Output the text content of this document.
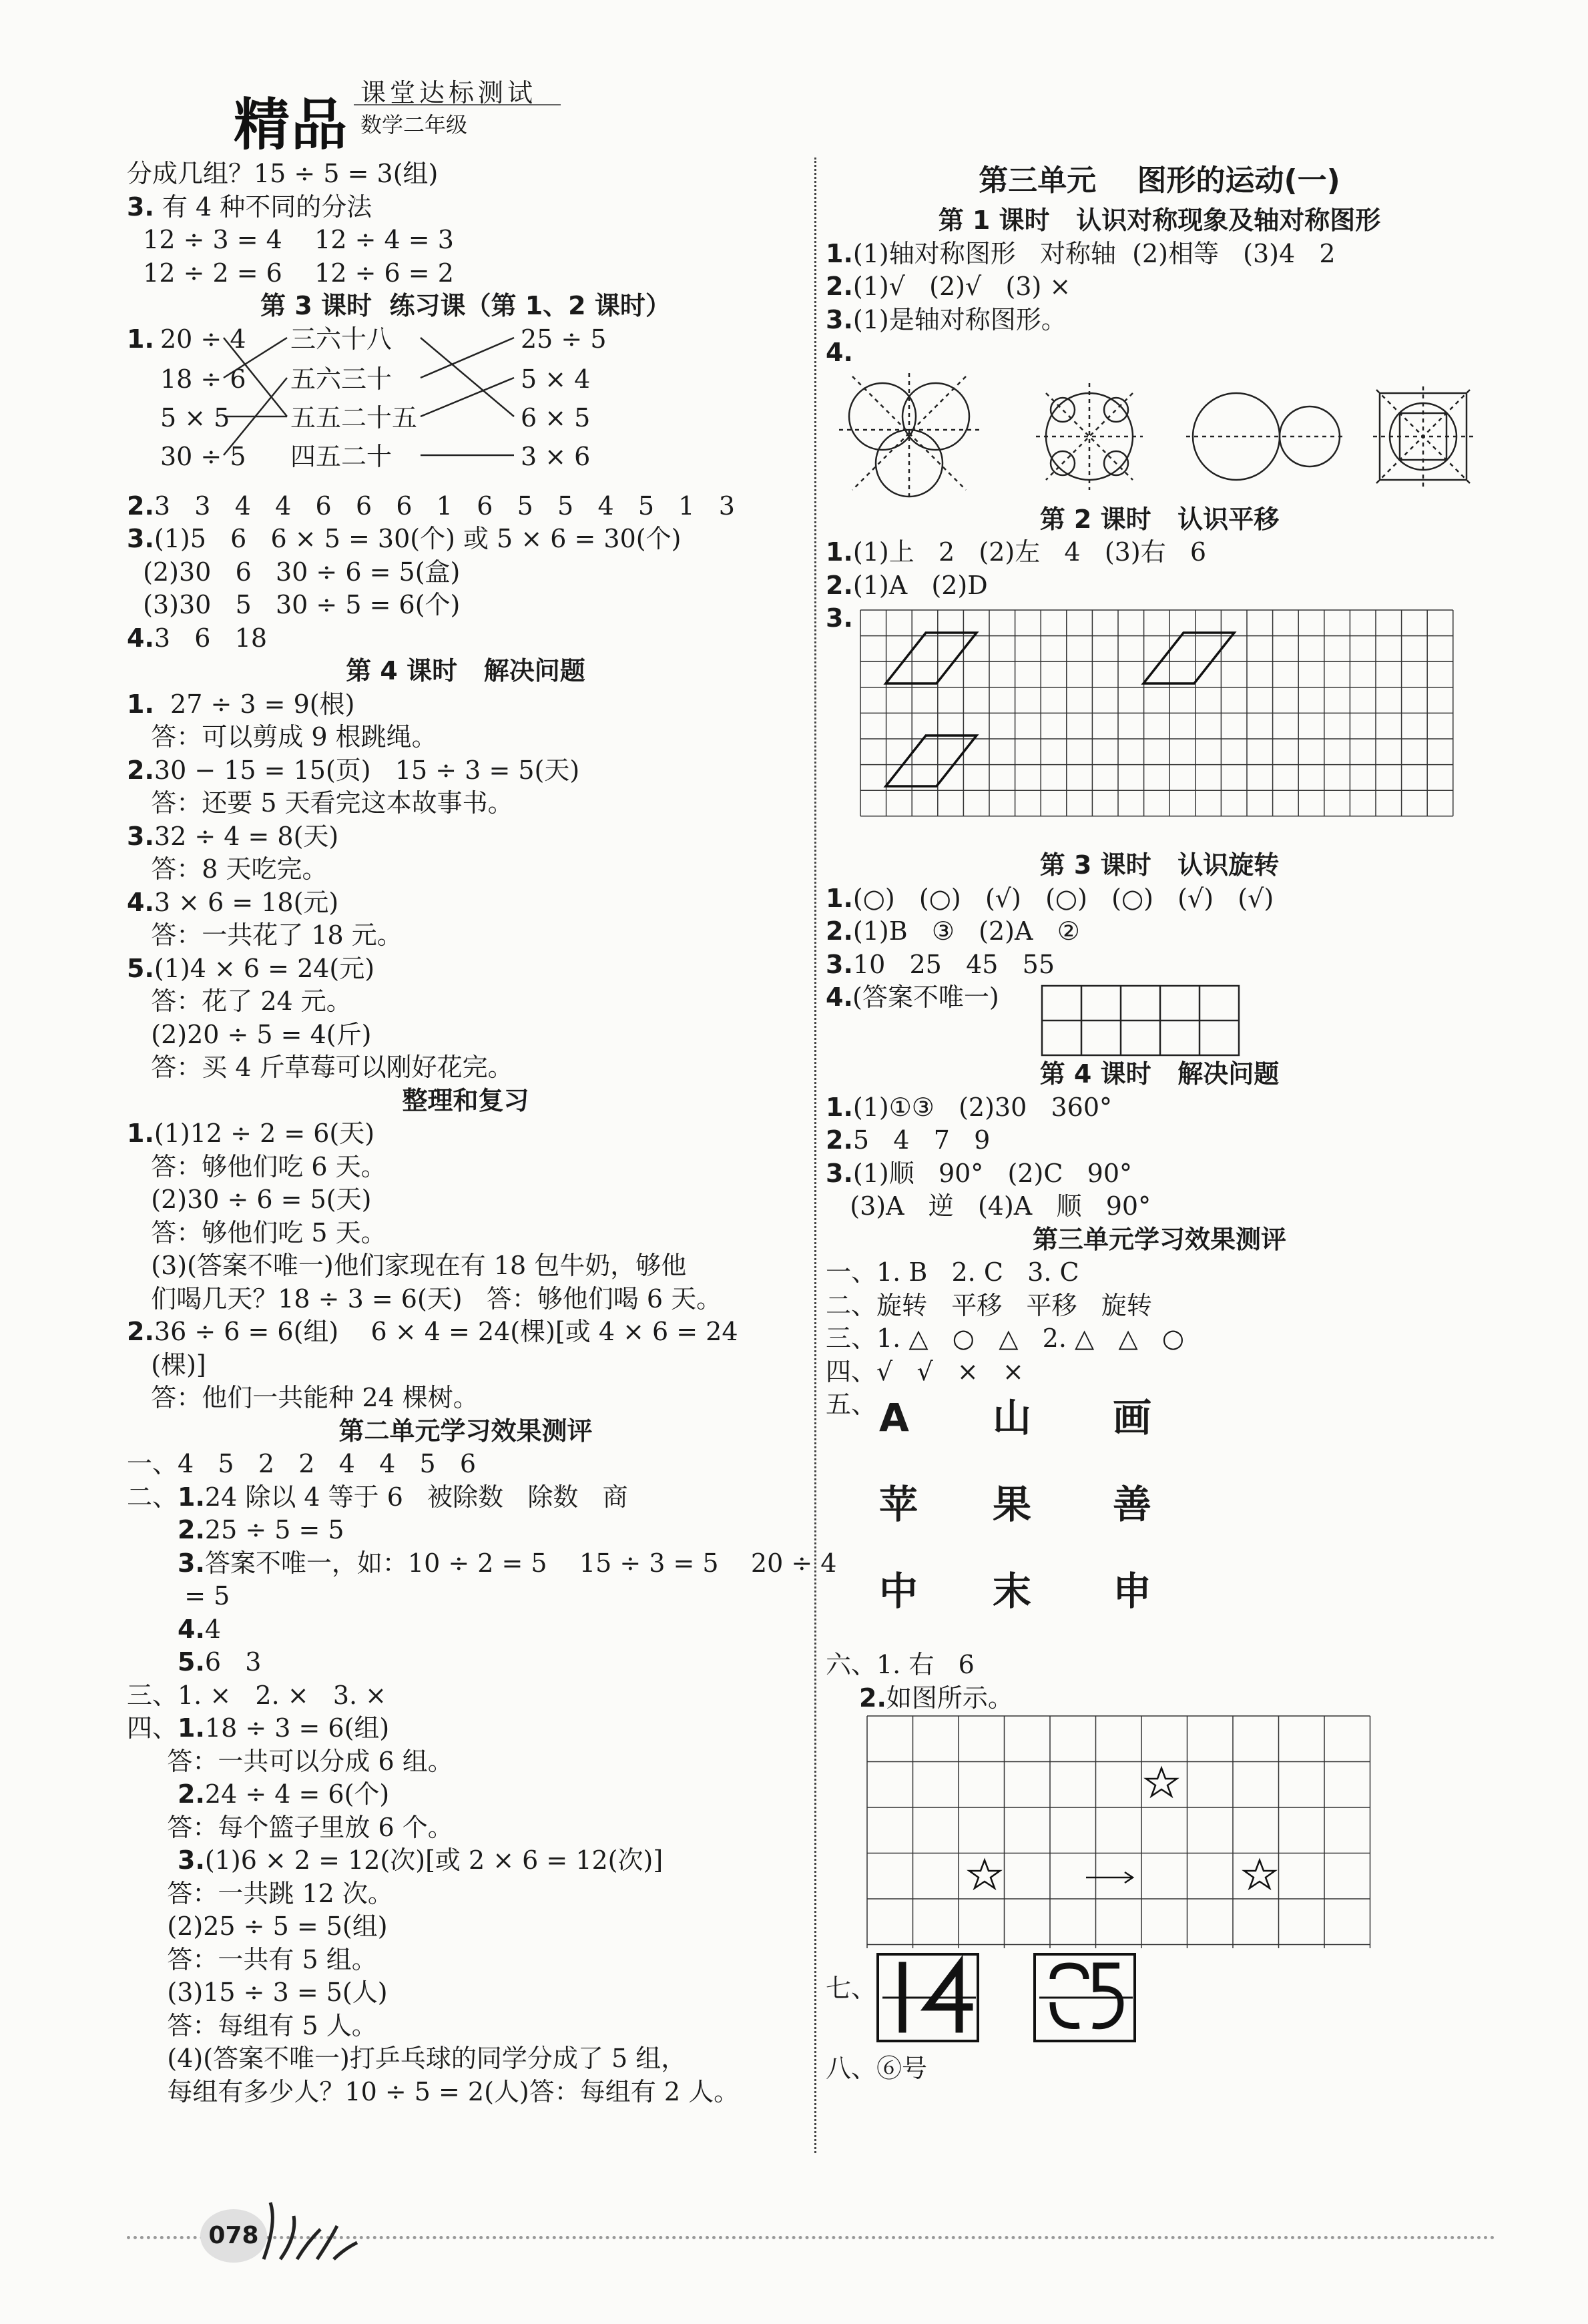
精品 课堂达标测试
数学二年级
分成几组？15 ÷ 5 = 3(组)
3. 有 4 种不同的分法
12 ÷ 3 = 4    12 ÷ 4 = 3
12 ÷ 2 = 6    12 ÷ 6 = 2
第 3 课时  练习课（第 1、2 课时）
1. 20 ÷ 4
18 ÷ 6
5 × 5
30 ÷ 5
三六十八
五六三十
五五二十五
四五二十
25 ÷ 5
5 × 4
6 × 5
3 × 6
2.3   3   4   4   6   6   6   1   6   5   5   4   5   1   3
3.(1)5   6   6 × 5 = 30(个) 或 5 × 6 = 30(个)
(2)30   6   30 ÷ 6 = 5(盒)
(3)30   5   30 ÷ 5 = 6(个)
4.3   6   18
第 4 课时   解决问题
1.  27 ÷ 3 = 9(根)
答：可以剪成 9 根跳绳。
2.30 − 15 = 15(页)   15 ÷ 3 = 5(天)
答：还要 5 天看完这本故事书。
3.32 ÷ 4 = 8(天)
答：8 天吃完。
4.3 × 6 = 18(元)
答：一共花了 18 元。
5.(1)4 × 6 = 24(元)
答：花了 24 元。
(2)20 ÷ 5 = 4(斤)
答：买 4 斤草莓可以刚好花完。
整理和复习
1.(1)12 ÷ 2 = 6(天)
答：够他们吃 6 天。
(2)30 ÷ 6 = 5(天)
答：够他们吃 5 天。
(3)(答案不唯一)他们家现在有 18 包牛奶，够他
们喝几天？18 ÷ 3 = 6(天)   答：够他们喝 6 天。
2.36 ÷ 6 = 6(组)    6 × 4 = 24(棵)[或 4 × 6 = 24
(棵)]
答：他们一共能种 24 棵树。
第二单元学习效果测评
一、4   5   2   2   4   4   5   6
二、1.24 除以 4 等于 6   被除数   除数   商
2.25 ÷ 5 = 5
3.答案不唯一，如：10 ÷ 2 = 5    15 ÷ 3 = 5    20 ÷ 4
= 5
4.4
5.6   3
三、1. ×   2. ×   3. ×
四、1.18 ÷ 3 = 6(组)
答：一共可以分成 6 组。
2.24 ÷ 4 = 6(个)
答：每个篮子里放 6 个。
3.(1)6 × 2 = 12(次)[或 2 × 6 = 12(次)]
答：一共跳 12 次。
(2)25 ÷ 5 = 5(组)
答：一共有 5 组。
(3)15 ÷ 3 = 5(人)
答：每组有 5 人。
(4)(答案不唯一)打乒乓球的同学分成了 5 组，
每组有多少人？10 ÷ 5 = 2(人)答：每组有 2 人。
第三单元    图形的运动(一)
第 1 课时   认识对称现象及轴对称图形
1.(1)轴对称图形   对称轴  (2)相等   (3)4   2
2.(1)√   (2)√   (3) ×
3.(1)是轴对称图形。
4.
第 2 课时   认识平移
1.(1)上   2   (2)左   4   (3)右   6
2.(1)A   (2)D
3.
第 3 课时   认识旋转
1.(○)   (○)   (√)   (○)   (○)   (√)   (√)
2.(1)B   ③   (2)A   ②
3.10   25   45   55
4. (答案不唯一)
第 4 课时   解决问题
1.(1)①③   (2)30   360°
2.5   4   7   9
3.(1)顺   90°   (2)C   90°
(3)A   逆   (4)A   顺   90°
第三单元学习效果测评
一、1. B   2. C   3. C
二、旋转   平移   平移   旋转
三、1. △   ○   △   2. △   △   ○
四、√   √   ×   ×
五、 A 山 画
苹 果 善
中 末 申
六、1. 右   6
2.如图所示。
七、
八、⑥号
078
